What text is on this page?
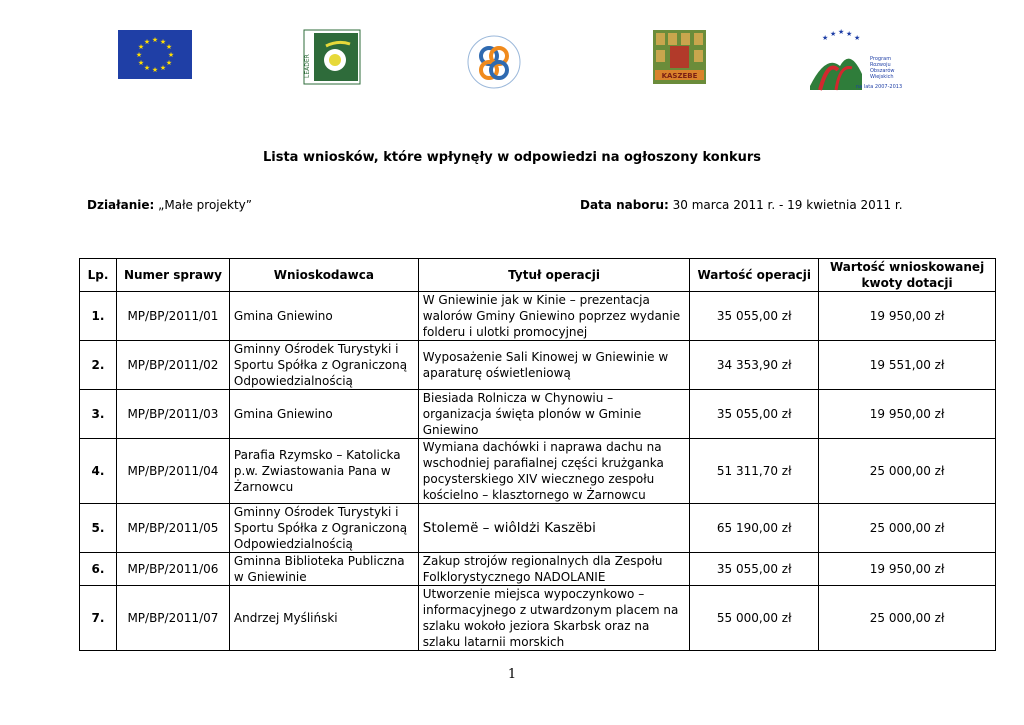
★ ★
★
★
★
★
★
★
★
★
★
★
LEADER	KASZEBE
★ ★ ★ ★ ★
Program
Rozwoju
Obszarów
Wiejskich
na lata 2007-2013
Lista wniosków, które wpłynęły w odpowiedzi na ogłoszony konkurs
Działanie: „Małe projekty”	Data naboru: 30 marca 2011 r. - 19 kwietnia 2011 r.
Lp.	Numer sprawy	Wnioskodawca	Tytuł operacji	Wartość operacji	Wartość wnioskowanej kwoty dotacji
1.	MP/BP/2011/01	Gmina Gniewino	W Gniewinie jak w Kinie – prezentacja walorów Gminy Gniewino poprzez wydanie folderu i ulotki promocyjnej	35 055,00 zł	19 950,00 zł
2.	MP/BP/2011/02	Gminny Ośrodek Turystyki i Sportu Spółka z Ograniczoną Odpowiedzialnością	Wyposażenie Sali Kinowej w Gniewinie w aparaturę oświetleniową	34 353,90 zł	19 551,00 zł
3.	MP/BP/2011/03	Gmina Gniewino	Biesiada Rolnicza w Chynowiu – organizacja święta plonów w Gminie Gniewino	35 055,00 zł	19 950,00 zł
4.	MP/BP/2011/04	Parafia Rzymsko – Katolicka p.w. Zwiastowania Pana w Żarnowcu	Wymiana dachówki i naprawa dachu na wschodniej parafialnej części krużganka pocysterskiego XIV wiecznego zespołu kościelno – klasztornego w Żarnowcu	51 311,70 zł	25 000,00 zł
5.	MP/BP/2011/05	Gminny Ośrodek Turystyki i Sportu Spółka z Ograniczoną Odpowiedzialnością	Stolemë – wiôldżi Kaszëbi	65 190,00 zł	25 000,00 zł
6.	MP/BP/2011/06	Gminna Biblioteka Publiczna w Gniewinie	Zakup strojów regionalnych dla Zespołu Folklorystycznego NADOLANIE	35 055,00 zł	19 950,00 zł
7.	MP/BP/2011/07	Andrzej Myśliński	Utworzenie miejsca wypoczynkowo – informacyjnego z utwardzonym placem na szlaku wokoło jeziora Skarbsk oraz na szlaku latarnii morskich	55 000,00 zł	25 000,00 zł
1
